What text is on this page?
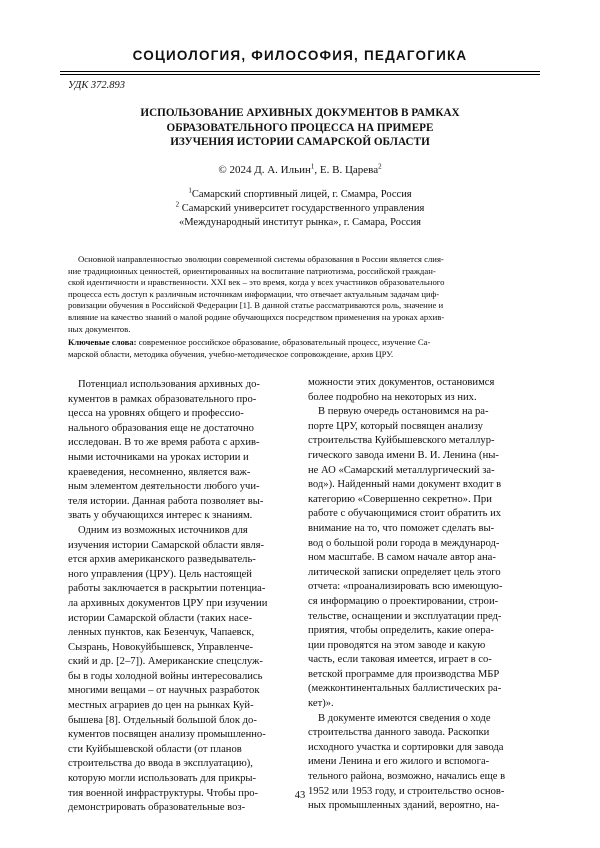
СОЦИОЛОГИЯ, ФИЛОСОФИЯ, ПЕДАГОГИКА
УДК 372.893
ИСПОЛЬЗОВАНИЕ АРХИВНЫХ ДОКУМЕНТОВ В РАМКАХ
ОБРАЗОВАТЕЛЬНОГО ПРОЦЕССА НА ПРИМЕРЕ
ИЗУЧЕНИЯ ИСТОРИИ САМАРСКОЙ ОБЛАСТИ
© 2024 Д. А. Ильин$^1$, Е. В. Царева$^2$
$^1$Самарский спортивный лицей, г. Смамра, Россия
$^2$ Самарский университет государственного управления
«Международный институт рынка», г. Самара, Россия
Основной направленностью эволюции современной системы образования в России является слия-
ние традиционных ценностей, ориентированных на воспитание патриотизма, российской граждан-
ской идентичности и нравственности. XXI век – это время, когда у всех участников образовательного
процесса есть доступ к различным источникам информации, что отвечает актуальным задачам циф-
ровизации обучения в Российской Федерации [1]. В данной статье рассматриваются роль, значение и
влияние на качество знаний о малой родине обучающихся посредством применения на уроках архив-
ных документов.
Ключевые слова: современное российское образование, образовательный процесс, изучение Са-
марской области, методика обучения, учебно-методическое сопровождение, архив ЦРУ.
Потенциал использования архивных до-
кументов в рамках образовательного про-
цесса на уровнях общего и профессио-
нального образования еще не достаточно
исследован. В то же время работа с архив-
ными источниками на уроках истории и
краеведения, несомненно, является важ-
ным элементом деятельности любого учи-
теля истории. Данная работа позволяет вы-
звать у обучающихся интерес к знаниям.
Одним из возможных источников для
изучения истории Самарской области явля-
ется архив американского разведыватель-
ного управления (ЦРУ). Цель настоящей
работы заключается в раскрытии потенциа-
ла архивных документов ЦРУ при изучении
истории Самарской области (таких насе-
ленных пунктов, как Безенчук, Чапаевск,
Сызрань, Новокуйбышевск, Управленче-
ский и др. [2–7]). Американские спецслуж-
бы в годы холодной войны интересовались
многими вещами – от научных разработок
местных аграриев до цен на рынках Куй-
бышева [8]. Отдельный большой блок до-
кументов посвящен анализу промышленно-
сти Куйбышевской области (от планов
строительства до ввода в эксплуатацию),
которую могли использовать для прикры-
тия военной инфраструктуры. Чтобы про-
демонстрировать образовательные воз-
можности этих документов, остановимся
более подробно на некоторых из них.
В первую очередь остановимся на ра-
порте ЦРУ, который посвящен анализу
строительства Куйбышевского металлур-
гического завода имени В. И. Ленина (ны-
не АО «Самарский металлургический за-
вод»). Найденный нами документ входит в
категорию «Совершенно секретно». При
работе с обучающимися стоит обратить их
внимание на то, что поможет сделать вы-
вод о большой роли города в международ-
ном масштабе. В самом начале автор ана-
литической записки определяет цель этого
отчета: «проанализировать всю имеющую-
ся информацию о проектировании, строи-
тельстве, оснащении и эксплуатации пред-
приятия, чтобы определить, какие опера-
ции проводятся на этом заводе и какую
часть, если таковая имеется, играет в со-
ветской программе для производства МБР
(межконтинентальных баллистических ра-
кет)».
В документе имеются сведения о ходе
строительства данного завода. Раскопки
исходного участка и сортировки для завода
имени Ленина и его жилого и вспомога-
тельного района, возможно, начались еще в
1952 или 1953 году, и строительство основ-
ных промышленных зданий, вероятно, на-
43
